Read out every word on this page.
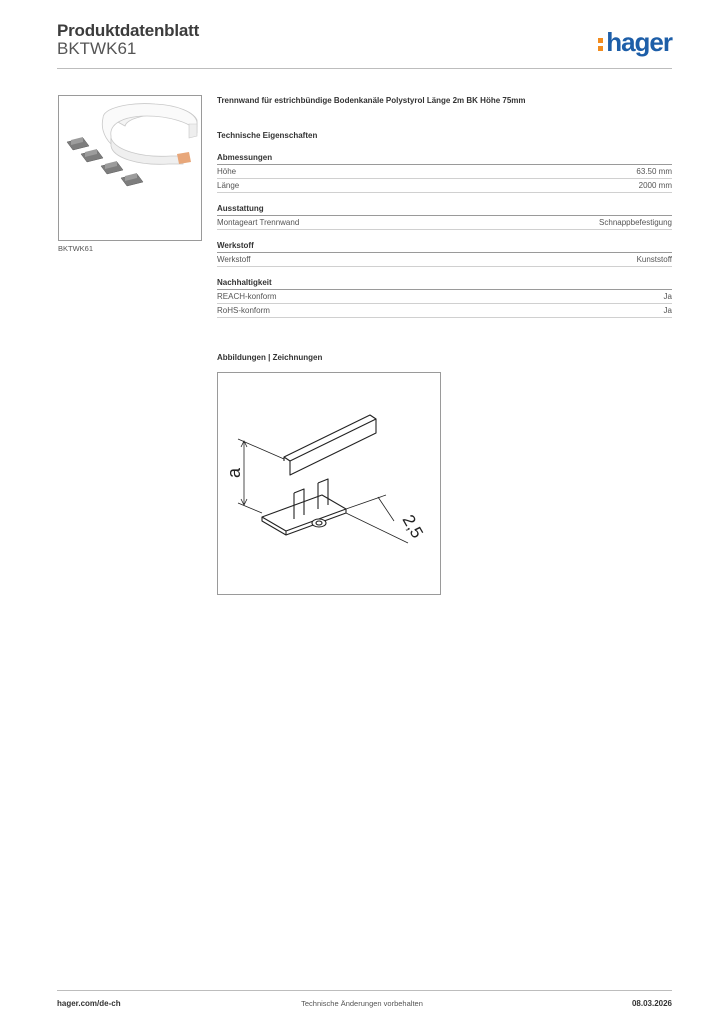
Produktdatenblatt
BKTWK61	hager
BKTWK61
Trennwand für estrichbündige Bodenkanäle Polystyrol Länge 2m BK Höhe 75mm
Technische Eigenschaften
Abmessungen
Höhe	63.50 mm
Länge	2000 mm
Ausstattung
Montageart Trennwand	Schnappbefestigung
Werkstoff
Werkstoff	Kunststoff
Nachhaltigkeit
REACH-konform	Ja
RoHS-konform	Ja
Abbildungen | Zeichnungen
a
2,5
hager.com/de-ch	Technische Änderungen vorbehalten	08.03.2026
